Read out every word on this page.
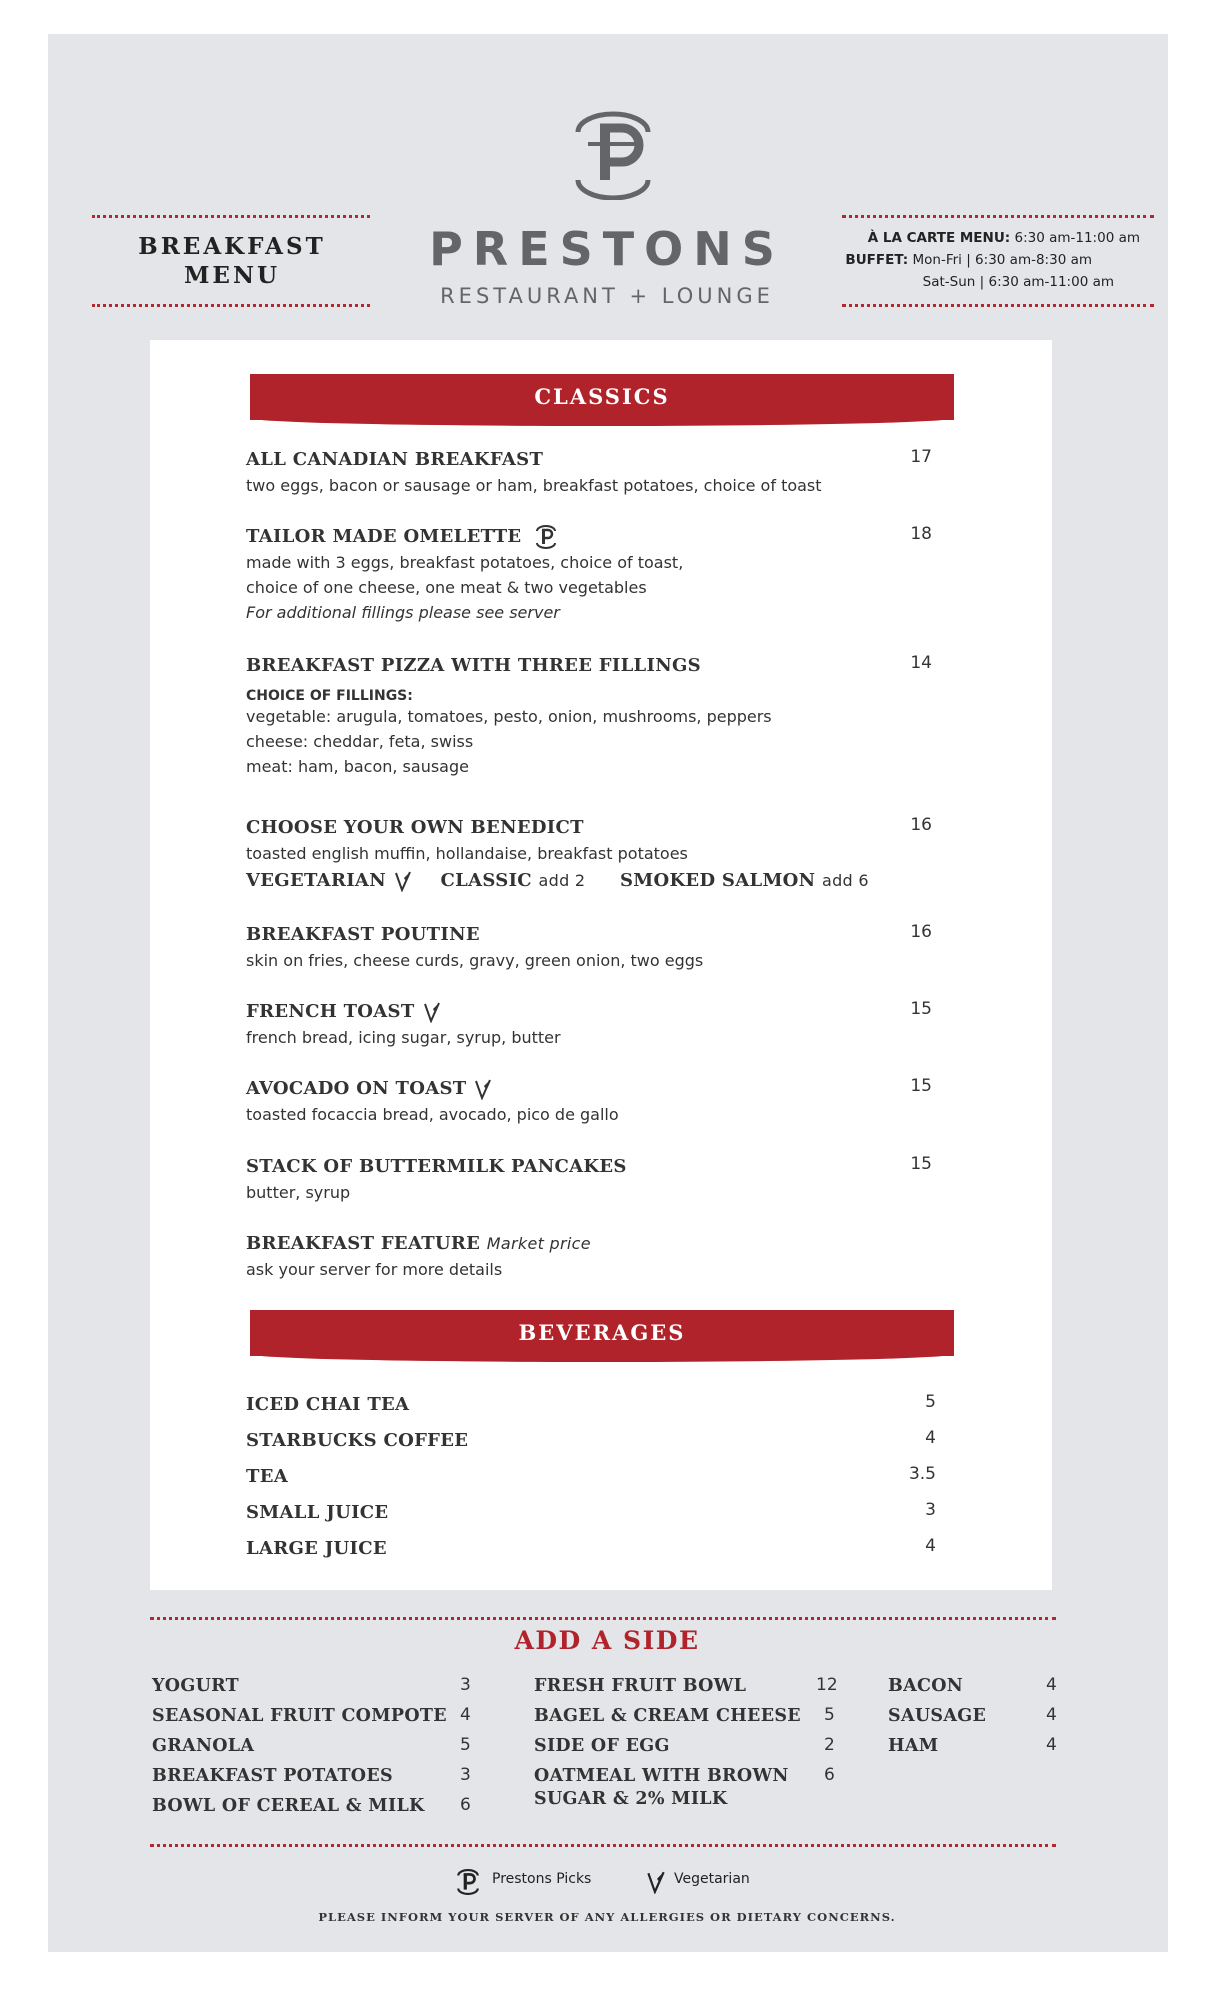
PRESTONS
RESTAURANT + LOUNGE
BREAKFAST
MENU
À LA CARTE MENU: 6:30 am-11:00 am
BUFFET: Mon-Fri | 6:30 am-8:30 am
Sat-Sun | 6:30 am-11:00 am
CLASSICS
ALL CANADIAN BREAKFAST	17
two eggs, bacon or sausage or ham, breakfast potatoes, choice of toast
TAILOR MADE OMELETTE	18
made with 3 eggs, breakfast potatoes, choice of toast,
choice of one cheese, one meat & two vegetables
For additional fillings please see server
BREAKFAST PIZZA WITH THREE FILLINGS	14
CHOICE OF FILLINGS:
vegetable: arugula, tomatoes, pesto, onion, mushrooms, peppers
cheese: cheddar, feta, swiss
meat: ham, bacon, sausage
CHOOSE YOUR OWN BENEDICT	16
toasted english muffin, hollandaise, breakfast potatoes
VEGETARIAN	CLASSIC add 2 SMOKED SALMON add 6
BREAKFAST POUTINE	16
skin on fries, cheese curds, gravy, green onion, two eggs
FRENCH TOAST	15
french bread, icing sugar, syrup, butter
AVOCADO ON TOAST	15
toasted focaccia bread, avocado, pico de gallo
STACK OF BUTTERMILK PANCAKES	15
butter, syrup
BREAKFAST FEATURE Market price
ask your server for more details
BEVERAGES
ICED CHAI TEA	5
STARBUCKS COFFEE	4
TEA	3.5
SMALL JUICE	3
LARGE JUICE	4
ADD A SIDE
YOGURT	3
SEASONAL FRUIT COMPOTE 4
GRANOLA	5
BREAKFAST POTATOES	3
BOWL OF CEREAL & MILK 6
FRESH FRUIT BOWL	12
BAGEL & CREAM CHEESE 5
SIDE OF EGG	2
OATMEAL WITH BROWN
SUGAR & 2% MILK
6
BACON	4
SAUSAGE	4
HAM	4
Prestons Picks	Vegetarian
PLEASE INFORM YOUR SERVER OF ANY ALLERGIES OR DIETARY CONCERNS.
